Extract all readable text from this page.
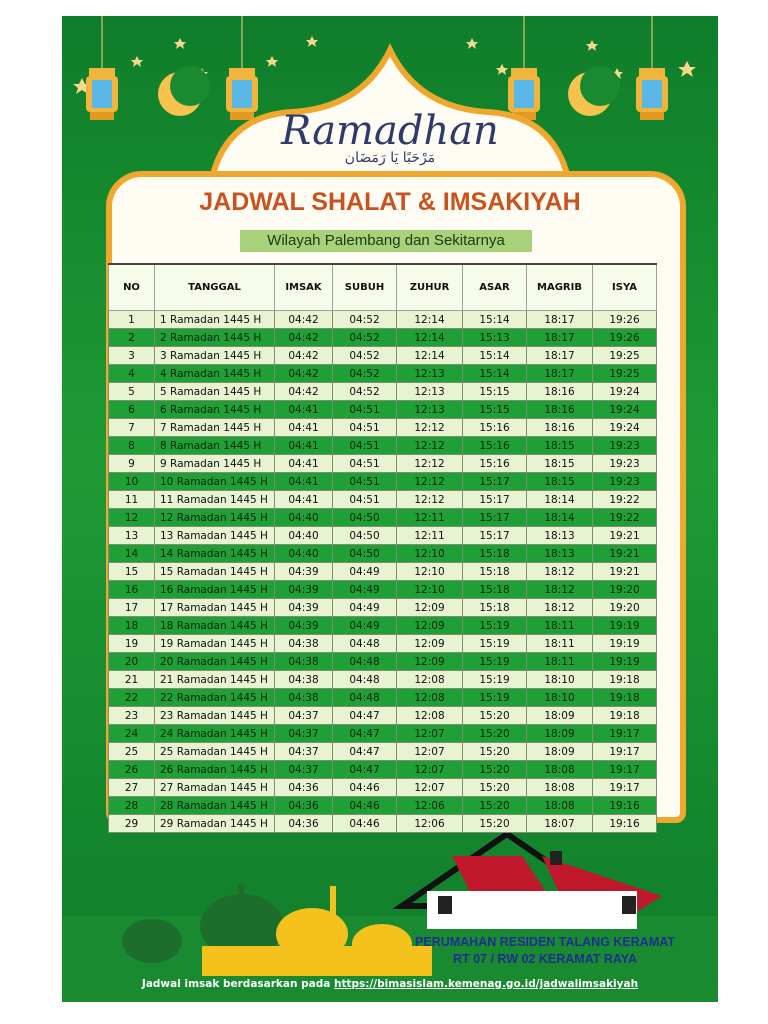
Ramadhan
مَرْحَبًا يَا رَمَضَان
JADWAL SHALAT & IMSAKIYAH
Wilayah Palembang dan Sekitarnya
NO	TANGGAL	IMSAK	SUBUH	ZUHUR	ASAR	MAGRIB	ISYA
1	1 Ramadan 1445 H	04:42	04:52	12:14	15:14	18:17	19:26
2	2 Ramadan 1445 H	04:42	04:52	12:14	15:13	18:17	19:26
3	3 Ramadan 1445 H	04:42	04:52	12:14	15:14	18:17	19:25
4	4 Ramadan 1445 H	04:42	04:52	12:13	15:14	18:17	19:25
5	5 Ramadan 1445 H	04:42	04:52	12:13	15:15	18:16	19:24
6	6 Ramadan 1445 H	04:41	04:51	12:13	15:15	18:16	19:24
7	7 Ramadan 1445 H	04:41	04:51	12:12	15:16	18:16	19:24
8	8 Ramadan 1445 H	04:41	04:51	12:12	15:16	18:15	19:23
9	9 Ramadan 1445 H	04:41	04:51	12:12	15:16	18:15	19:23
10	10 Ramadan 1445 H	04:41	04:51	12:12	15:17	18:15	19:23
11	11 Ramadan 1445 H	04:41	04:51	12:12	15:17	18:14	19:22
12	12 Ramadan 1445 H	04:40	04:50	12:11	15:17	18:14	19:22
13	13 Ramadan 1445 H	04:40	04:50	12:11	15:17	18:13	19:21
14	14 Ramadan 1445 H	04:40	04:50	12:10	15:18	18:13	19:21
15	15 Ramadan 1445 H	04:39	04:49	12:10	15:18	18:12	19:21
16	16 Ramadan 1445 H	04:39	04:49	12:10	15:18	18:12	19:20
17	17 Ramadan 1445 H	04:39	04:49	12:09	15:18	18:12	19:20
18	18 Ramadan 1445 H	04:39	04:49	12:09	15:19	18:11	19:19
19	19 Ramadan 1445 H	04:38	04:48	12:09	15:19	18:11	19:19
20	20 Ramadan 1445 H	04:38	04:48	12:09	15:19	18:11	19:19
21	21 Ramadan 1445 H	04:38	04:48	12:08	15:19	18:10	19:18
22	22 Ramadan 1445 H	04:38	04:48	12:08	15:19	18:10	19:18
23	23 Ramadan 1445 H	04:37	04:47	12:08	15:20	18:09	19:18
24	24 Ramadan 1445 H	04:37	04:47	12:07	15:20	18:09	19:17
25	25 Ramadan 1445 H	04:37	04:47	12:07	15:20	18:09	19:17
26	26 Ramadan 1445 H	04:37	04:47	12:07	15:20	18:08	19:17
27	27 Ramadan 1445 H	04:36	04:46	12:07	15:20	18:08	19:17
28	28 Ramadan 1445 H	04:36	04:46	12:06	15:20	18:08	19:16
29	29 Ramadan 1445 H	04:36	04:46	12:06	15:20	18:07	19:16
PERUMAHAN RESIDEN TALANG KERAMAT
RT 07 / RW 02 KERAMAT RAYA
Jadwal imsak berdasarkan pada https://bimasislam.kemenag.go.id/jadwalimsakiyah
